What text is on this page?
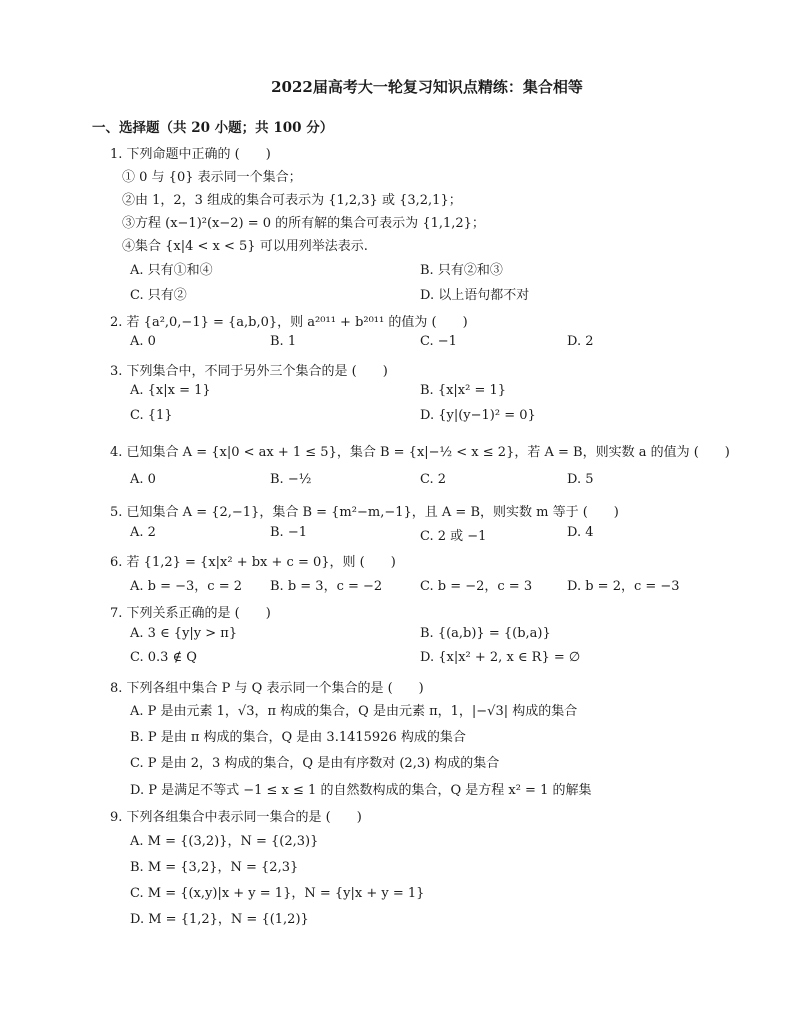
2022届高考大一轮复习知识点精练：集合相等
一、选择题（共 20 小题；共 100 分）
1. 下列命题中正确的 (　　)
① 0 与 {0} 表示同一个集合；
②由 1，2，3 组成的集合可表示为 {1,2,3} 或 {3,2,1}；
③方程 (x−1)²(x−2) = 0 的所有解的集合可表示为 {1,1,2}；
④集合 {x|4 < x < 5} 可以用列举法表示.
A. 只有①和④	B. 只有②和③
C. 只有②	D. 以上语句都不对
2. 若 {a²,0,−1} = {a,b,0}，则 a²⁰¹¹ + b²⁰¹¹ 的值为 (　　)
A. 0	B. 1	C. −1	D. 2
3. 下列集合中，不同于另外三个集合的是 (　　)
A. {x|x = 1}	B. {x|x² = 1}
C. {1}	D. {y|(y−1)² = 0}
4. 已知集合 A = {x|0 < ax + 1 ≤ 5}，集合 B = {x|−½ < x ≤ 2}，若 A = B，则实数 a 的值为 (　　)
A. 0	B. −½	C. 2	D. 5
5. 已知集合 A = {2,−1}，集合 B = {m²−m,−1}，且 A = B，则实数 m 等于 (　　)
A. 2	B. −1	C. 2 或 −1	D. 4
6. 若 {1,2} = {x|x² + bx + c = 0}，则 (　　)
A. b = −3，c = 2 B. b = 3，c = −2	C. b = −2，c = 3	D. b = 2，c = −3
7. 下列关系正确的是 (　　)
A. 3 ∈ {y|y > π}	B. {(a,b)} = {(b,a)}
C. 0.3 ∉ Q	D. {x|x² + 2, x ∈ R} = ∅
8. 下列各组中集合 P 与 Q 表示同一个集合的是 (　　)
A. P 是由元素 1，√3，π 构成的集合，Q 是由元素 π，1，|−√3| 构成的集合
B. P 是由 π 构成的集合，Q 是由 3.1415926 构成的集合
C. P 是由 2，3 构成的集合，Q 是由有序数对 (2,3) 构成的集合
D. P 是满足不等式 −1 ≤ x ≤ 1 的自然数构成的集合，Q 是方程 x² = 1 的解集
9. 下列各组集合中表示同一集合的是 (　　)
A. M = {(3,2)}，N = {(2,3)}
B. M = {3,2}，N = {2,3}
C. M = {(x,y)|x + y = 1}，N = {y|x + y = 1}
D. M = {1,2}，N = {(1,2)}
